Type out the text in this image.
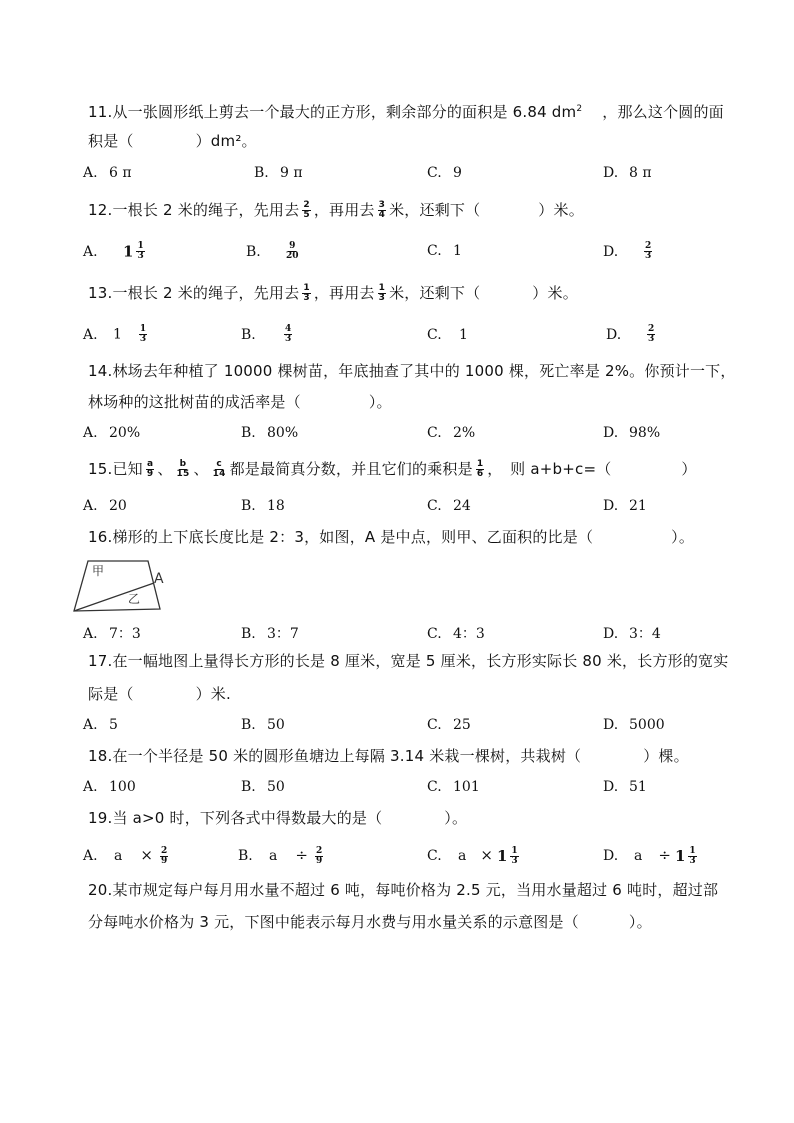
11.从一张圆形纸上剪去一个最大的正方形，剩余部分的面积是 6.84 $dm^2$ ，那么这个圆的面
积是（	）dm²。
A. 6 π	B. 9 π	C. 9	D. 8 π
12.一根长 2 米的绳子，先用去 $\frac{2}{5}$ ，再用去 $\frac{3}{4}$ 米，还剩下（	）米。
A. $1 \frac{1}{3}$	B.	$\frac{9}{20}$	C. 1	D.	$\frac{2}{3}$
13.一根长 2 米的绳子，先用去 $\frac{1}{3}$ ，再用去 $\frac{1}{3}$ 米，还剩下（	）米。
A. $1 \frac{1}{3}$	B.	$\frac{4}{3}$	C. 1	D.	$\frac{2}{3}$
14.林场去年种植了 10000 棵树苗，年底抽查了其中的 1000 棵，死亡率是 2%。你预计一下，
林场种的这批树苗的成活率是（	）。
A. 20%	B. 80%	C. 2%	D. 98%
15.已知 $\frac{a}{9}$ 、 $\frac{b}{15}$ 、 $\frac{c}{14}$ 都是最简真分数，并且它们的乘积是 $\frac{1}{6}$ ，　则 a+b+c=（	）
A. 20	B. 18	C. 24	D. 21
16.梯形的上下底长度比是 2：3，如图，A 是中点，则甲、乙面积的比是（	）。
甲
乙
A
A. 7：3	B. 3：7	C. 4：3	D. 3：4
17.在一幅地图上量得长方形的长是 8 厘米，宽是 5 厘米，长方形实际长 80 米，长方形的宽实
际是（	）米.
A. 5	B. 50	C. 25	D. 5000
18.在一个半径是 50 米的圆形鱼塘边上每隔 3.14 米栽一棵树，共栽树（	）棵。
A. 100	B. 50	C. 101	D. 51
19.当 a>0 时，下列各式中得数最大的是（	）。
A. $a \times \frac{2}{9}$	B. $a \div \frac{2}{9}$	C. $a \times 1 \frac{1}{3}$	D. $a \div 1 \frac{1}{3}$
20.某市规定每户每月用水量不超过 6 吨，每吨价格为 2.5 元，当用水量超过 6 吨时，超过部
分每吨水价格为 3 元，下图中能表示每月水费与用水量关系的示意图是（	）。
